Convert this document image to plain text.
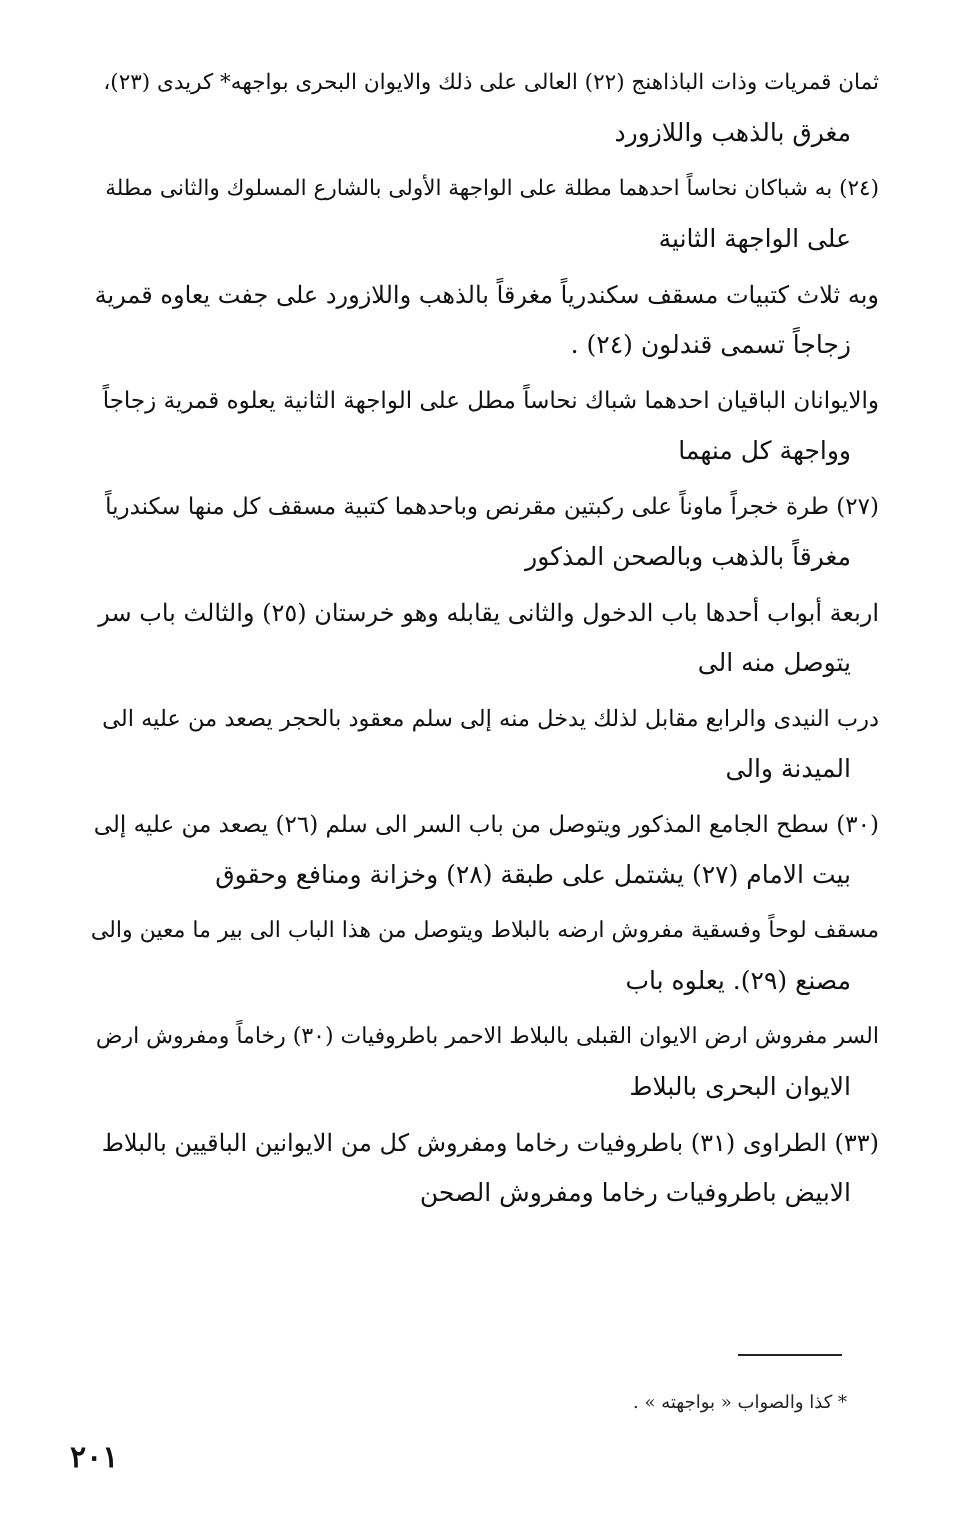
ثمان قمريات وذات الباذاهنج (٢٢) العالى على ذلك والايوان البحرى بواجهه* كريدى (٢٣)،
مغرق بالذهب واللازورد

(٢٤) به شباكان نحاساً احدهما مطلة على الواجهة الأولى بالشارع المسلوك والثانى مطلة
على الواجهة الثانية

وبه ثلاث كتبيات مسقف سكندرياً مغرقاً بالذهب واللازورد على جفت يعاوه قمرية
زجاجاً تسمى قندلون (٢٤) .

والايوانان الباقيان احدهما شباك نحاساً مطل على الواجهة الثانية يعلوه قمرية زجاجاً
وواجهة كل منهما

(٢٧) طرة خجراً ماوناً على ركبتين مقرنص وباحدهما كتبية مسقف كل منها سكندرياً
مغرقاً بالذهب وبالصحن المذكور

اربعة أبواب أحدها باب الدخول والثانى يقابله وهو خرستان (٢٥) والثالث باب سر
يتوصل منه الى

درب النيدى والرابع مقابل لذلك يدخل منه إلى سلم معقود بالحجر يصعد من عليه الى
الميدنة والى

(٣٠) سطح الجامع المذكور ويتوصل من باب السر الى سلم (٢٦) يصعد من عليه إلى
بيت الامام (٢٧) يشتمل على طبقة (٢٨) وخزانة ومنافع وحقوق

مسقف لوحاً وفسقية مفروش ارضه بالبلاط ويتوصل من هذا الباب الى بير ما معين والى
مصنع (٢٩). يعلوه باب

السر مفروش ارض الايوان القبلى بالبلاط الاحمر باطروفيات (٣٠) رخاماً ومفروش ارض
الايوان البحرى بالبلاط

(٣٣) الطراوى (٣١) باطروفيات رخاما ومفروش كل من الايوانين الباقيين بالبلاط
الابيض باطروفيات رخاما ومفروش الصحن

* كذا والصواب « بواجهته » .
٢٠١
